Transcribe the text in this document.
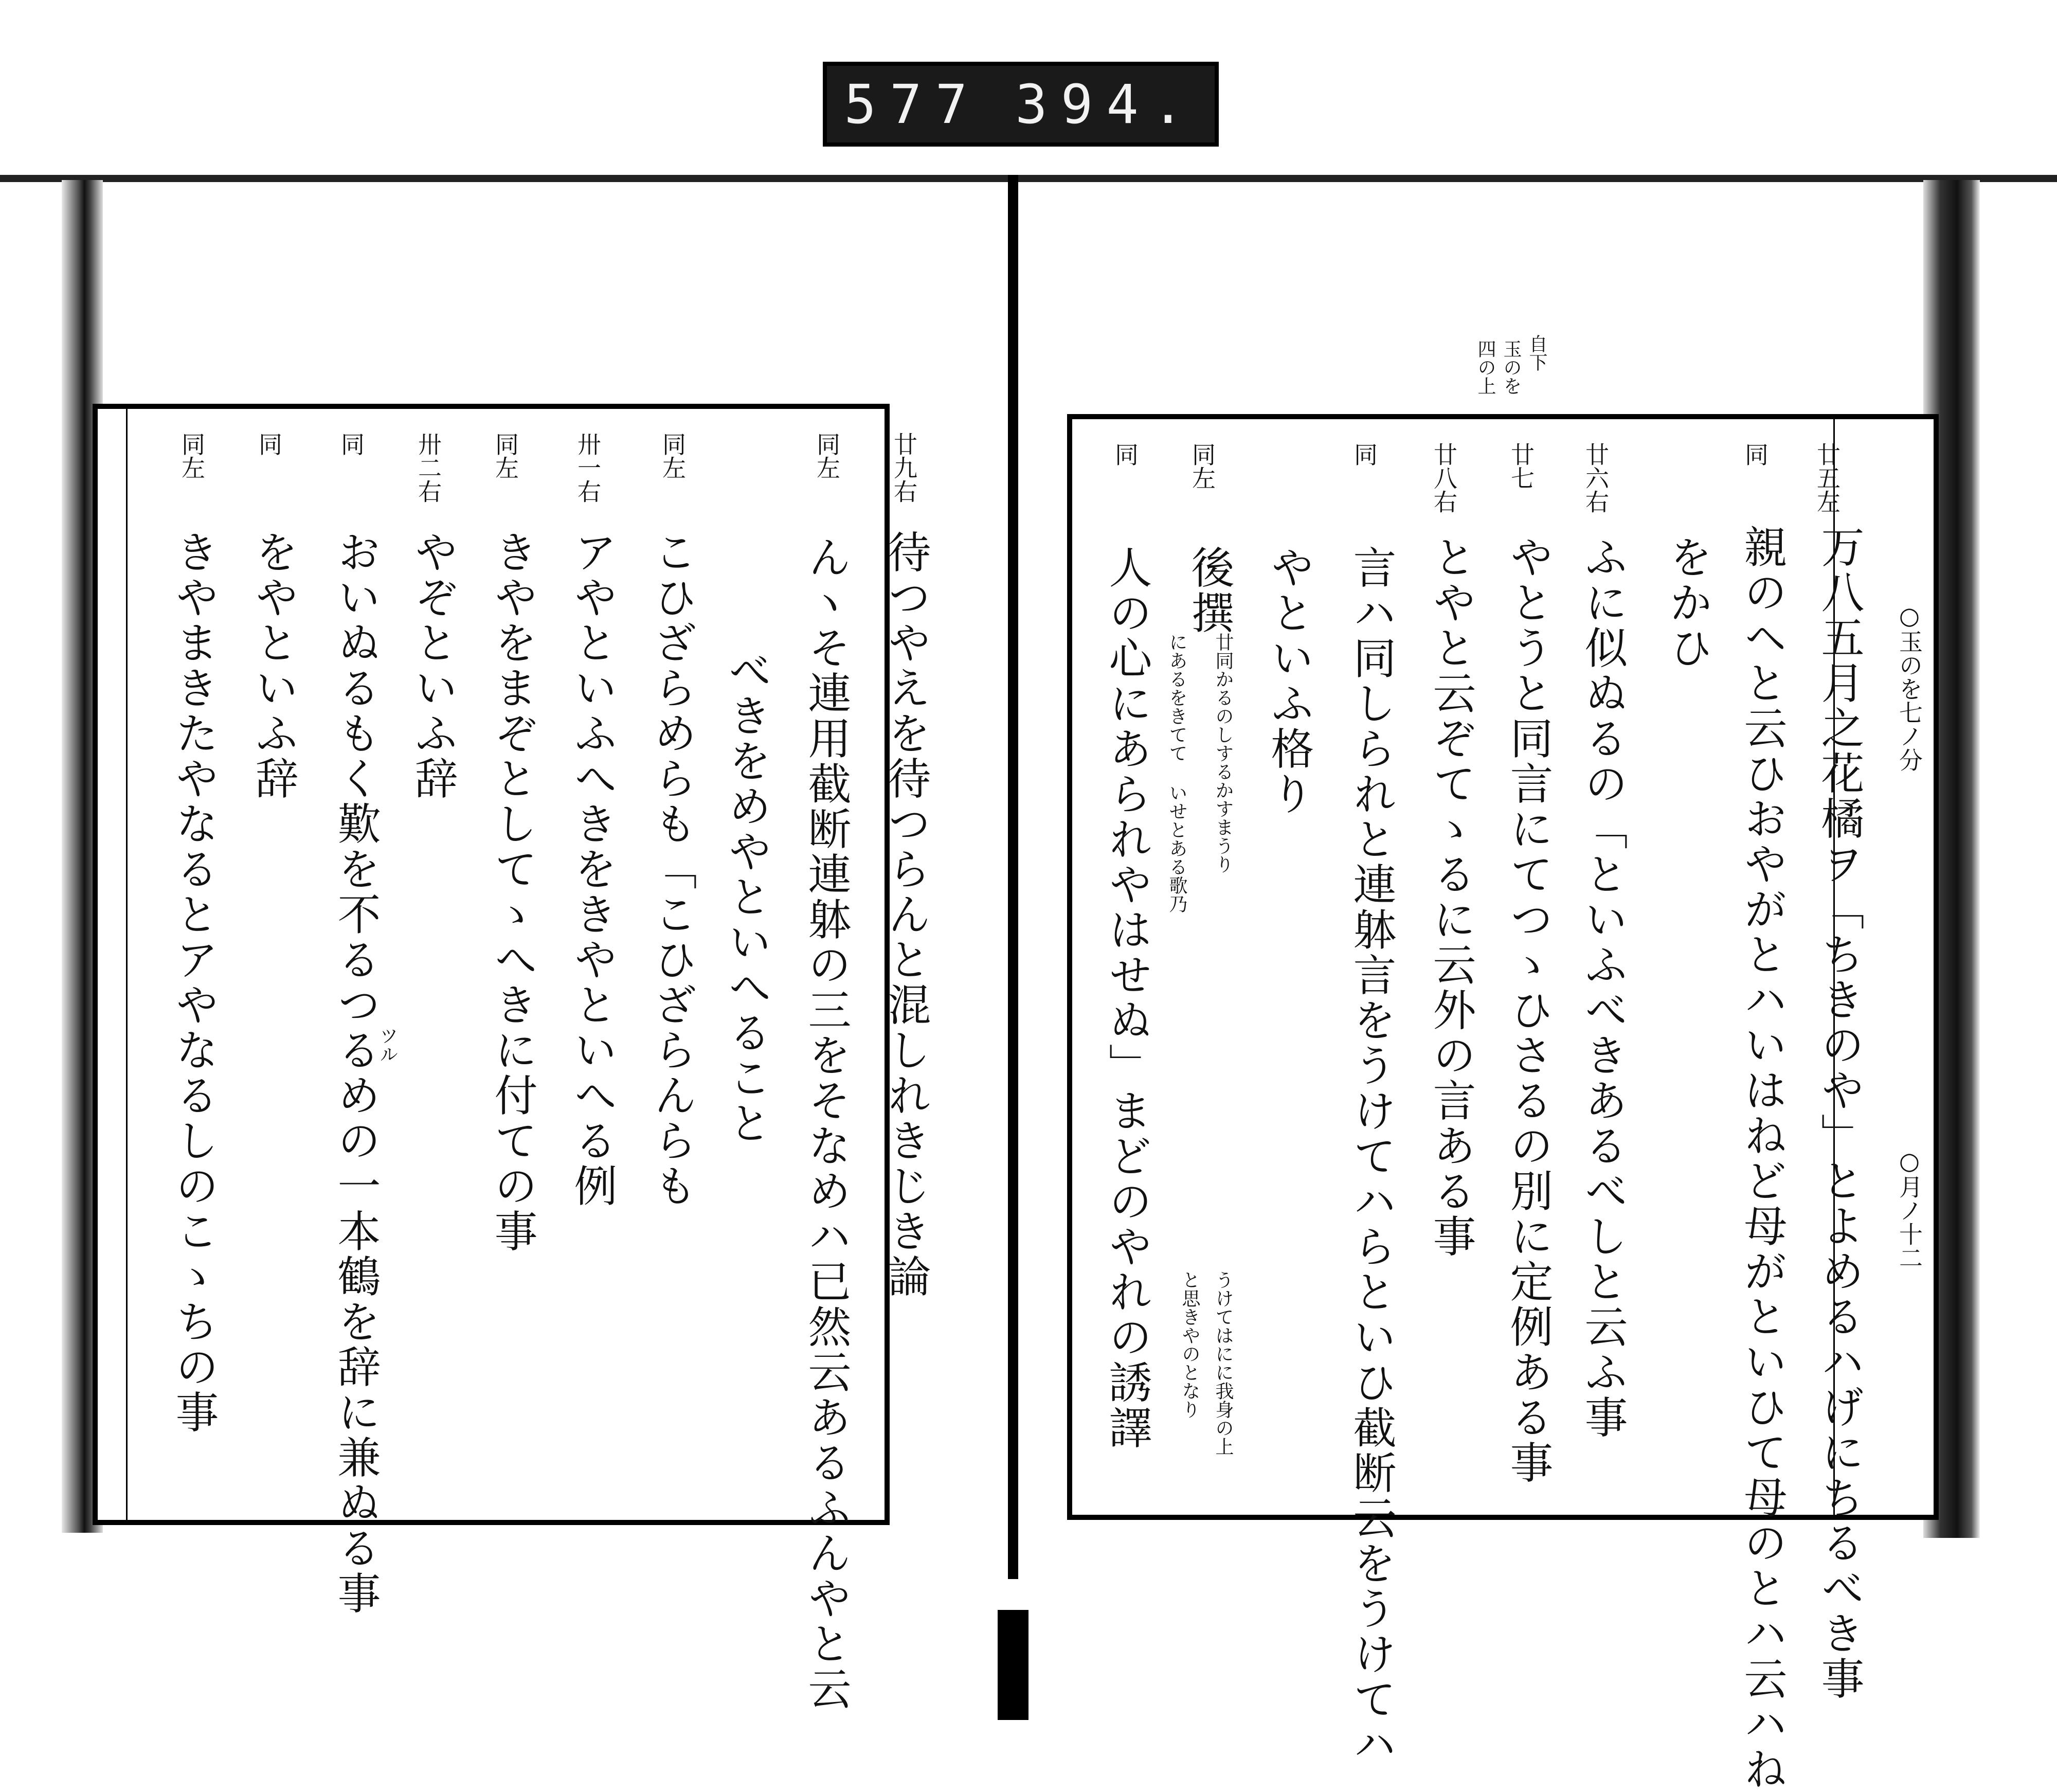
577 394.
自下
玉のを
四の上
○玉のを七ノ分
○月ノ十二
廿五左
万八五月之花橘ヲ「ちきのや」とよめるハげにちるべき事
同
親のヘと云ひおやがとハいはねど母がといひて母のとハ云ハね
をかひ
廿六右
ふに似ぬるの「といふべきあるべしと云ふ事
廿七
やとうと同言にてつゝひさるの別に定例ある事
廿八右
とやと云ぞてゝるに云外の言ある事
同
言ハ同しられと連躰言をうけてハらといひ截断云をうけてハ
やといふ格り
同左
後撰
廿同かるのしするかすまうり
にあるをきてて いせとある歌乃
うけてはにに我身の上
と思きやのとなり
同
人の心にあられやはせぬ」まどのやれの誘譯
廿九右
待つやえを待つらんと混しれきじき論
同左
んヽそ連用截断連躰の三をそなめハ已然云あるふんやと云
べきをめやといへること
同左
こひざらめらも「こひざらんらも
卅一右
アやといふへきをきやといへる例
同左
きやをまぞとしてゝへきに付ての事
卅二右
やぞといふ辞
同
おいぬるもく歎を不るつるめの一本鶴を辞に兼ぬる事
ツル
同
をやといふ辞
同左
きやまきたやなるとアやなるしのこゝちの事
